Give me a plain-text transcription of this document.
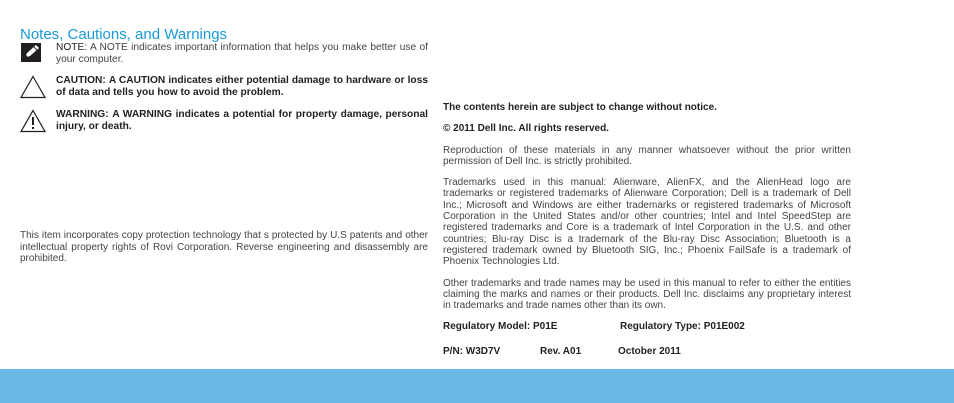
Notes, Cautions, and Warnings
NOTE: A NOTE indicates important information that helps you make better use of your computer.
CAUTION: A CAUTION indicates either potential damage to hardware or loss of data and tells you how to avoid the problem.
WARNING: A WARNING indicates a potential for property damage, personal injury, or death.
This item incorporates copy protection technology that s protected by U.S patents and other intellectual property rights of Rovi Corporation. Reverse engineering and disassembly are prohibited.

The contents herein are subject to change without notice.

© 2011 Dell Inc. All rights reserved.

Reproduction of these materials in any manner whatsoever without the prior written permission of Dell Inc. is strictly prohibited.

Trademarks used in this manual: Alienware, AlienFX, and the AlienHead logo are trademarks or registered trademarks of Alienware Corporation; Dell is a trademark of Dell Inc.; Microsoft and Windows are either trademarks or registered trademarks of Microsoft Corporation in the United States and/or other countries; Intel and Intel SpeedStep are registered trademarks and Core is a trademark of Intel Corporation in the U.S. and other countries; Blu-ray Disc is a trademark of the Blu-ray Disc Association; Bluetooth is a registered trademark owned by Bluetooth SIG, Inc.; Phoenix FailSafe is a trademark of Phoenix Technologies Ltd.

Other trademarks and trade names may be used in this manual to refer to either the entities claiming the marks and names or their products. Dell Inc. disclaims any proprietary interest in trademarks and trade names other than its own.

Regulatory Model: P01E	Regulatory Type: P01E002
P/N: W3D7V	Rev. A01	October 2011
